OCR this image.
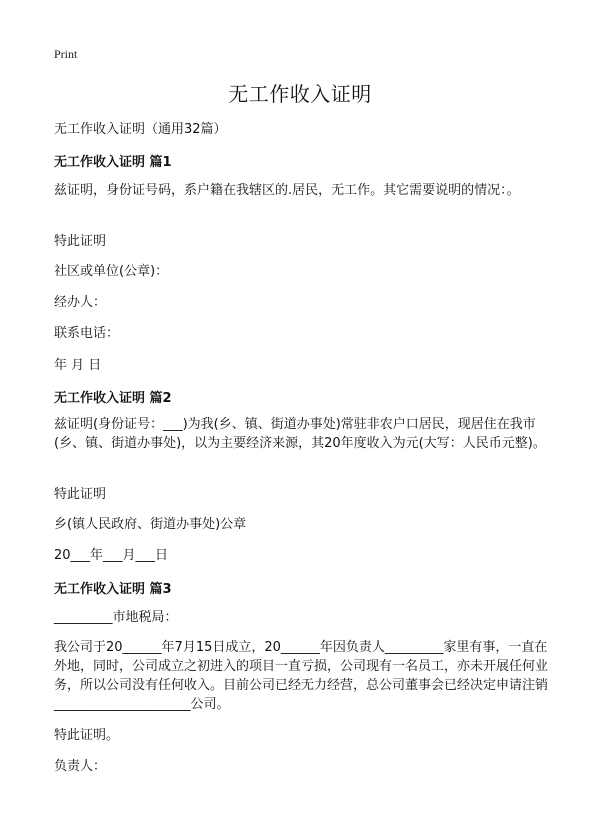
Print
无工作收入证明

无工作收入证明（通用32篇）

无工作收入证明 篇1

兹证明，身份证号码，系户籍在我辖区的.居民，无工作。其它需要说明的情况：。

特此证明

社区或单位(公章)：

经办人：

联系电话：

年 月 日

无工作收入证明 篇2

兹证明(身份证号：___)为我(乡、镇、街道办事处)常驻非农户口居民，现居住在我市(乡、镇、街道办事处)，以为主要经济来源，其20年度收入为元(大写：人民币元整)。

特此证明

乡(镇人民政府、街道办事处)公章

20___年___月___日

无工作收入证明 篇3

_________市地税局：

我公司于20______年7月15日成立，20______年因负责人_________家里有事，一直在外地，同时，公司成立之初进入的项目一直亏损，公司现有一名员工，亦未开展任何业务，所以公司没有任何收入。目前公司已经无力经营，总公司董事会已经决定申请注销_____________________公司。

特此证明。

负责人：
